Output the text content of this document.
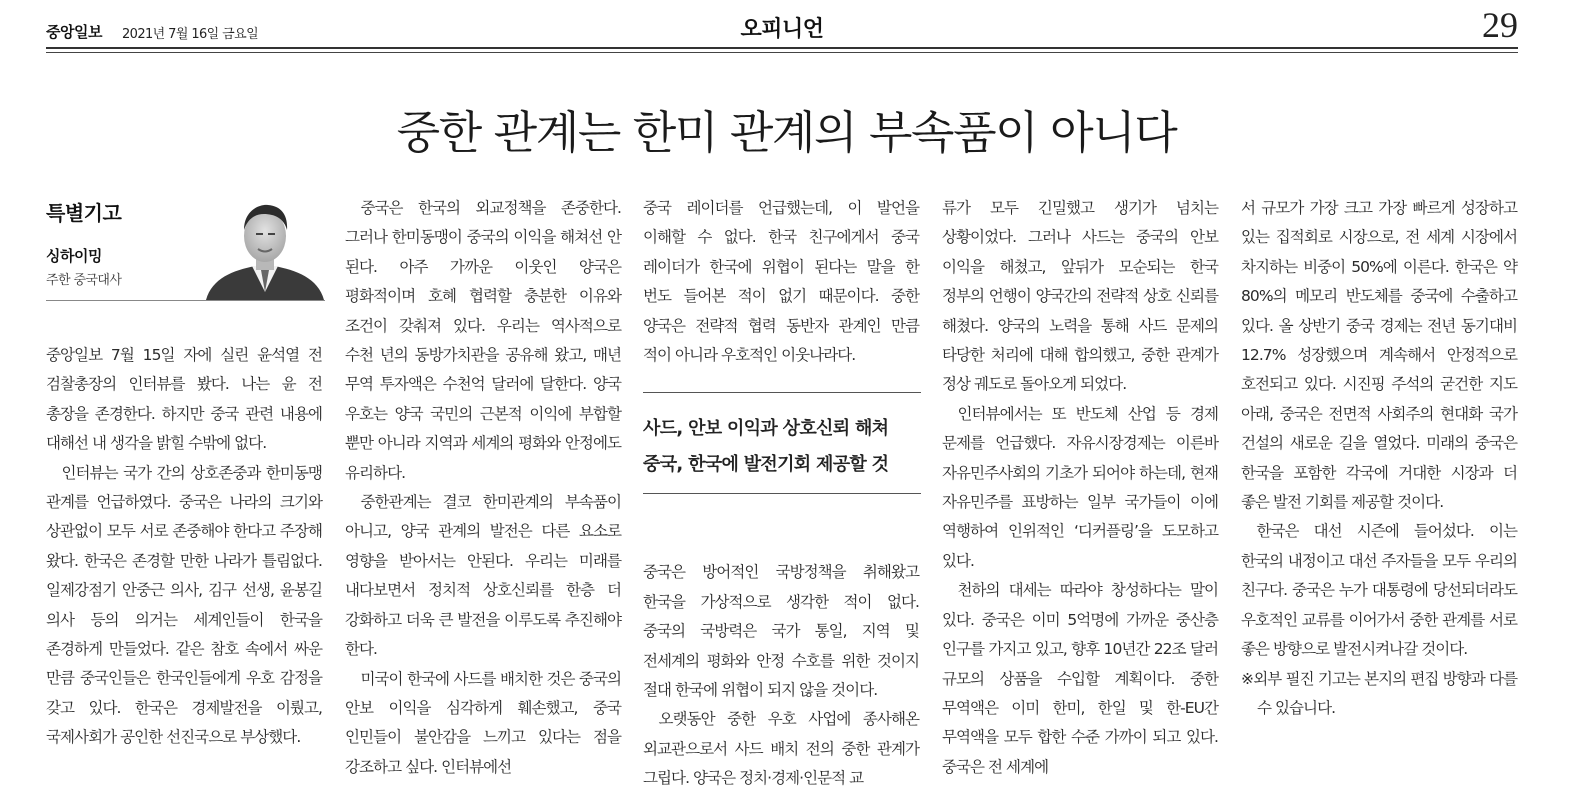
중앙일보 2021년 7월 16일 금요일	오피니언	29
중한 관계는 한미 관계의 부속품이 아니다
특별기고
싱하이밍
주한 중국대사

중앙일보 7월 15일 자에 실린 윤석열 전 검찰총장의 인터뷰를 봤다. 나는 윤 전 총장을 존경한다. 하지만 중국 관련 내용에 대해선 내 생각을 밝힐 수밖에 없다.

인터뷰는 국가 간의 상호존중과 한미동맹 관계를 언급하였다. 중국은 나라의 크기와 상관없이 모두 서로 존중해야 한다고 주장해 왔다. 한국은 존경할 만한 나라가 틀림없다. 일제강점기 안중근 의사, 김구 선생, 윤봉길 의사 등의 의거는 세계인들이 한국을 존경하게 만들었다. 같은 참호 속에서 싸운 만큼 중국인들은 한국인들에게 우호 감정을 갖고 있다. 한국은 경제발전을 이뤘고, 국제사회가 공인한 선진국으로 부상했다.

중국은 한국의 외교정책을 존중한다. 그러나 한미동맹이 중국의 이익을 해쳐선 안 된다. 아주 가까운 이웃인 양국은 평화적이며 호혜 협력할 충분한 이유와 조건이 갖춰져 있다. 우리는 역사적으로 수천 년의 동방가치관을 공유해 왔고, 매년 무역 투자액은 수천억 달러에 달한다. 양국 우호는 양국 국민의 근본적 이익에 부합할 뿐만 아니라 지역과 세계의 평화와 안정에도 유리하다.

중한관계는 결코 한미관계의 부속품이 아니고, 양국 관계의 발전은 다른 요소로 영향을 받아서는 안된다. 우리는 미래를 내다보면서 정치적 상호신뢰를 한층 더 강화하고 더욱 큰 발전을 이루도록 추진해야 한다.

미국이 한국에 사드를 배치한 것은 중국의 안보 이익을 심각하게 훼손했고, 중국 인민들이 불안감을 느끼고 있다는 점을 강조하고 싶다. 인터뷰에선

중국 레이더를 언급했는데, 이 발언을 이해할 수 없다. 한국 친구에게서 중국 레이더가 한국에 위협이 된다는 말을 한 번도 들어본 적이 없기 때문이다. 중한 양국은 전략적 협력 동반자 관계인 만큼 적이 아니라 우호적인 이웃나라다.

중국은 방어적인 국방정책을 취해왔고 한국을 가상적으로 생각한 적이 없다. 중국의 국방력은 국가 통일, 지역 및 전세계의 평화와 안정 수호를 위한 것이지 절대 한국에 위협이 되지 않을 것이다.

오랫동안 중한 우호 사업에 종사해온 외교관으로서 사드 배치 전의 중한 관계가 그립다. 양국은 정치·경제·인문적 교

사드, 안보 이익과 상호신뢰 해쳐
중국, 한국에 발전기회 제공할 것

류가 모두 긴밀했고 생기가 넘치는 상황이었다. 그러나 사드는 중국의 안보 이익을 해쳤고, 앞뒤가 모순되는 한국 정부의 언행이 양국간의 전략적 상호 신뢰를 해쳤다. 양국의 노력을 통해 사드 문제의 타당한 처리에 대해 합의했고, 중한 관계가 정상 궤도로 돌아오게 되었다.

인터뷰에서는 또 반도체 산업 등 경제 문제를 언급했다. 자유시장경제는 이른바 자유민주사회의 기초가 되어야 하는데, 현재 자유민주를 표방하는 일부 국가들이 이에 역행하여 인위적인 ‘디커플링’을 도모하고 있다.

천하의 대세는 따라야 창성하다는 말이 있다. 중국은 이미 5억명에 가까운 중산층 인구를 가지고 있고, 향후 10년간 22조 달러 규모의 상품을 수입할 계획이다. 중한 무역액은 이미 한미, 한일 및 한-EU간 무역액을 모두 합한 수준 가까이 되고 있다. 중국은 전 세계에

서 규모가 가장 크고 가장 빠르게 성장하고 있는 집적회로 시장으로, 전 세계 시장에서 차지하는 비중이 50%에 이른다. 한국은 약 80%의 메모리 반도체를 중국에 수출하고 있다. 올 상반기 중국 경제는 전년 동기대비 12.7% 성장했으며 계속해서 안정적으로 호전되고 있다. 시진핑 주석의 굳건한 지도 아래, 중국은 전면적 사회주의 현대화 국가 건설의 새로운 길을 열었다. 미래의 중국은 한국을 포함한 각국에 거대한 시장과 더 좋은 발전 기회를 제공할 것이다.

한국은 대선 시즌에 들어섰다. 이는 한국의 내정이고 대선 주자들을 모두 우리의 친구다. 중국은 누가 대통령에 당선되더라도 우호적인 교류를 이어가서 중한 관계를 서로 좋은 방향으로 발전시켜나갈 것이다.

※외부 필진 기고는 본지의 편집 방향과 다를 수 있습니다.
